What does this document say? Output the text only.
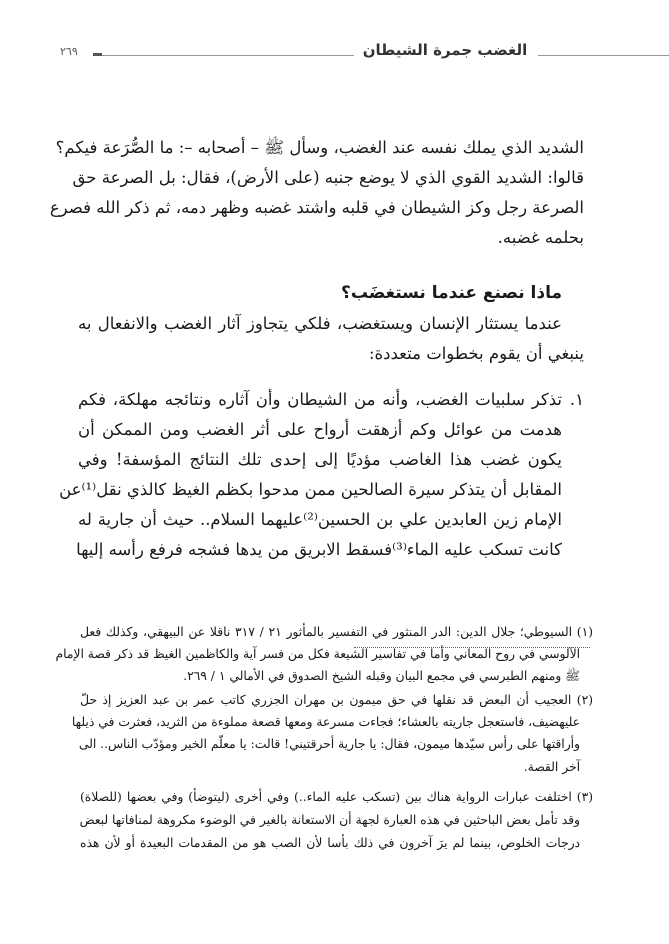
الغضب جمرة الشيطان
٢٦٩
الشديد الذي يملك نفسه عند الغضب، وسأل ﷺ – أصحابه –: ما الصُّرَعة فيكم؟
قالوا: الشديد القوي الذي لا يوضع جنبه (على الأرض)، فقال: بل الصرعة حق
الصرعة رجل وكز الشيطان في قلبه واشتد غضبه وظهر دمه، ثم ذكر الله فصرع
بحلمه غضبه.
ماذا نصنع عندما نستغضَب؟
عندما يستثار الإنسان ويستغضب، فلكي يتجاوز آثار الغضب والانفعال به
ينبغي أن يقوم بخطوات متعددة:
١.
تذكر سلبيات الغضب، وأنه من الشيطان وأن آثاره ونتائجه مهلكة، فكم
هدمت من عوائل وكم أزهقت أرواح على أثر الغضب ومن الممكن أن
يكون غضب هذا الغاضب مؤديًا إلى إحدى تلك النتائج المؤسفة! وفي
المقابل أن يتذكر سيرة الصالحين ممن مدحوا بكظم الغيظ كالذي نقل⁽¹⁾عن
الإمام زين العابدين علي بن الحسين⁽²⁾عليهما السلام.. حيث أن جارية له
كانت تسكب عليه الماء⁽³⁾فسقط الابريق من يدها فشجه فرفع رأسه إليها
(١) السيوطي؛ جلال الدين: الدر المنثور في التفسير بالمأثور ٢١ / ٣١٧ ناقلا عن البيهقي، وكذلك فعل
الآلوسي في روح المعاني وأما في تفاسير الشيعة فكل من فسر آية والكاظمين الغيظ قد ذكر قصة الإمام
ﷺ ومنهم الطبرسي في مجمع البيان وقبله الشيخ الصدوق في الأمالي ١ / ٢٦٩.
(٢) العجيب أن البعض قد نقلها في حق ميمون بن مهران الجزري كاتب عمر بن عبد العزيز إذ حلّ
عليهضيف، فاستعجل جاريته بالعشاء؛ فجاءت مسرعة ومعها قصعة مملوءة من الثريد، فعثرت في ذيلها
وأراقتها على رأس سيّدها ميمون، فقال: يا جارية أحرقتيني! قالت: يا معلّم الخير ومؤدّب الناس.. الى
آخر القصة.
(٣) اختلفت عبارات الرواية هناك بين (تسكب عليه الماء..) وفي أخرى (ليتوضأ) وفي بعضها (للصلاة)
وقد تأمل بعض الباحثين في هذه العبارة لجهة أن الاستعانة بالغير في الوضوء مكروهة لمنافاتها لبعض
درجات الخلوص، بينما لم يرَ آخرون في ذلك بأسا لأن الصب هو من المقدمات البعيدة أو لأن هذه
